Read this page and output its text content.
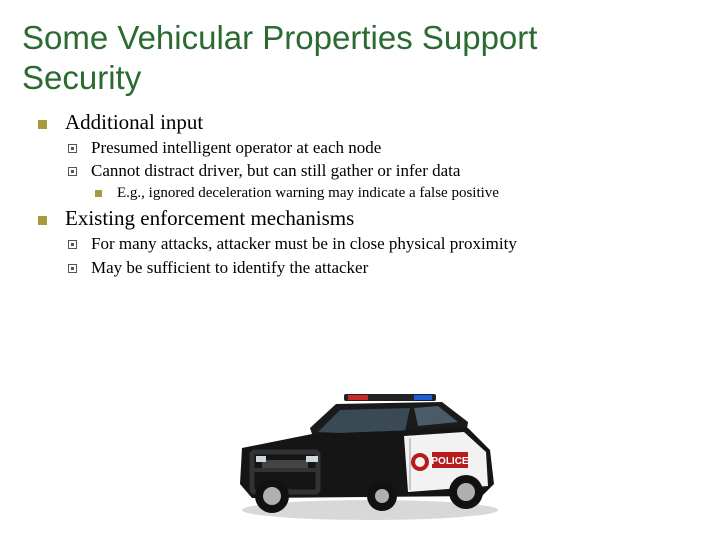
Some Vehicular Properties Support
Security
Additional input
Presumed intelligent operator at each node
Cannot distract driver, but can still gather or infer data
E.g., ignored deceleration warning may indicate a false positive
Existing enforcement mechanisms
For many attacks, attacker must be in close physical proximity
May be sufficient to identify the attacker
POLICE
